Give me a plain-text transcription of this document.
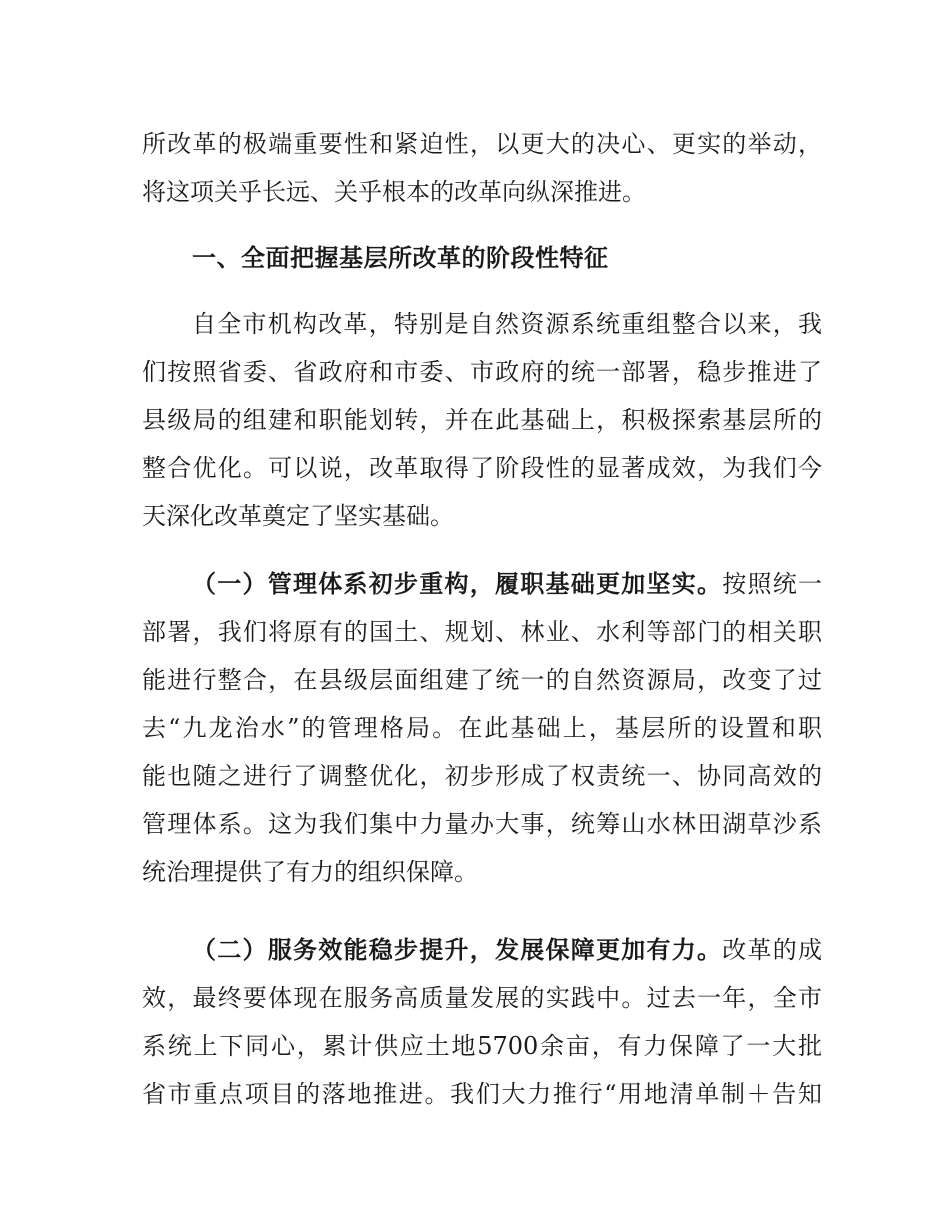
所改革的极端重要性和紧迫性，以更大的决心、更实的举动，
将这项关乎长远、关乎根本的改革向纵深推进。
一、全面把握基层所改革的阶段性特征
自全市机构改革，特别是自然资源系统重组整合以来，我
们按照省委、省政府和市委、市政府的统一部署，稳步推进了
县级局的组建和职能划转，并在此基础上，积极探索基层所的
整合优化。可以说，改革取得了阶段性的显著成效，为我们今
天深化改革奠定了坚实基础。
（一）管理体系初步重构，履职基础更加坚实。按照统一
部署，我们将原有的国土、规划、林业、水利等部门的相关职
能进行整合，在县级层面组建了统一的自然资源局，改变了过
去“九龙治水”的管理格局。在此基础上，基层所的设置和职
能也随之进行了调整优化，初步形成了权责统一、协同高效的
管理体系。这为我们集中力量办大事，统筹山水林田湖草沙系
统治理提供了有力的组织保障。
（二）服务效能稳步提升，发展保障更加有力。改革的成
效，最终要体现在服务高质量发展的实践中。过去一年，全市
系统上下同心，累计供应土地5700余亩，有力保障了一大批
省市重点项目的落地推进。我们大力推行“用地清单制＋告知
